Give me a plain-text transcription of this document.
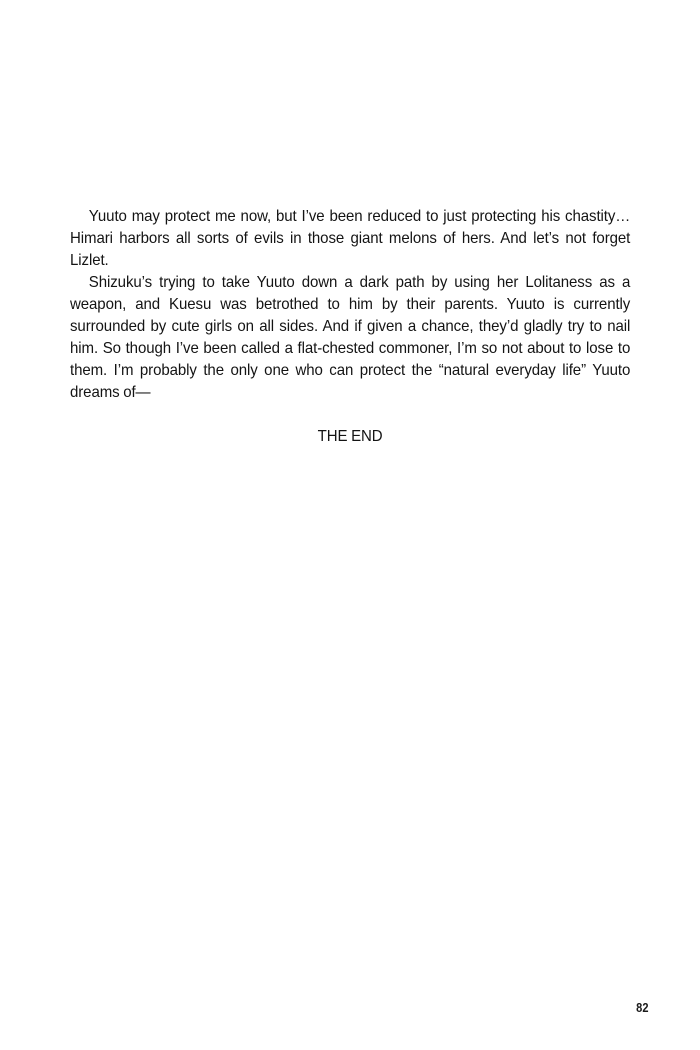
Yuuto may protect me now, but I’ve been reduced to just protecting his chastity… Himari harbors all sorts of evils in those giant melons of hers. And let’s not forget Lizlet.

Shizuku’s trying to take Yuuto down a dark path by using her Lolitaness as a weapon, and Kuesu was betrothed to him by their parents. Yuuto is currently surrounded by cute girls on all sides. And if given a chance, they’d gladly try to nail him. So though I’ve been called a flat-chested commoner, I’m so not about to lose to them. I’m probably the only one who can protect the “natural everyday life” Yuuto dreams of—

THE END

82
